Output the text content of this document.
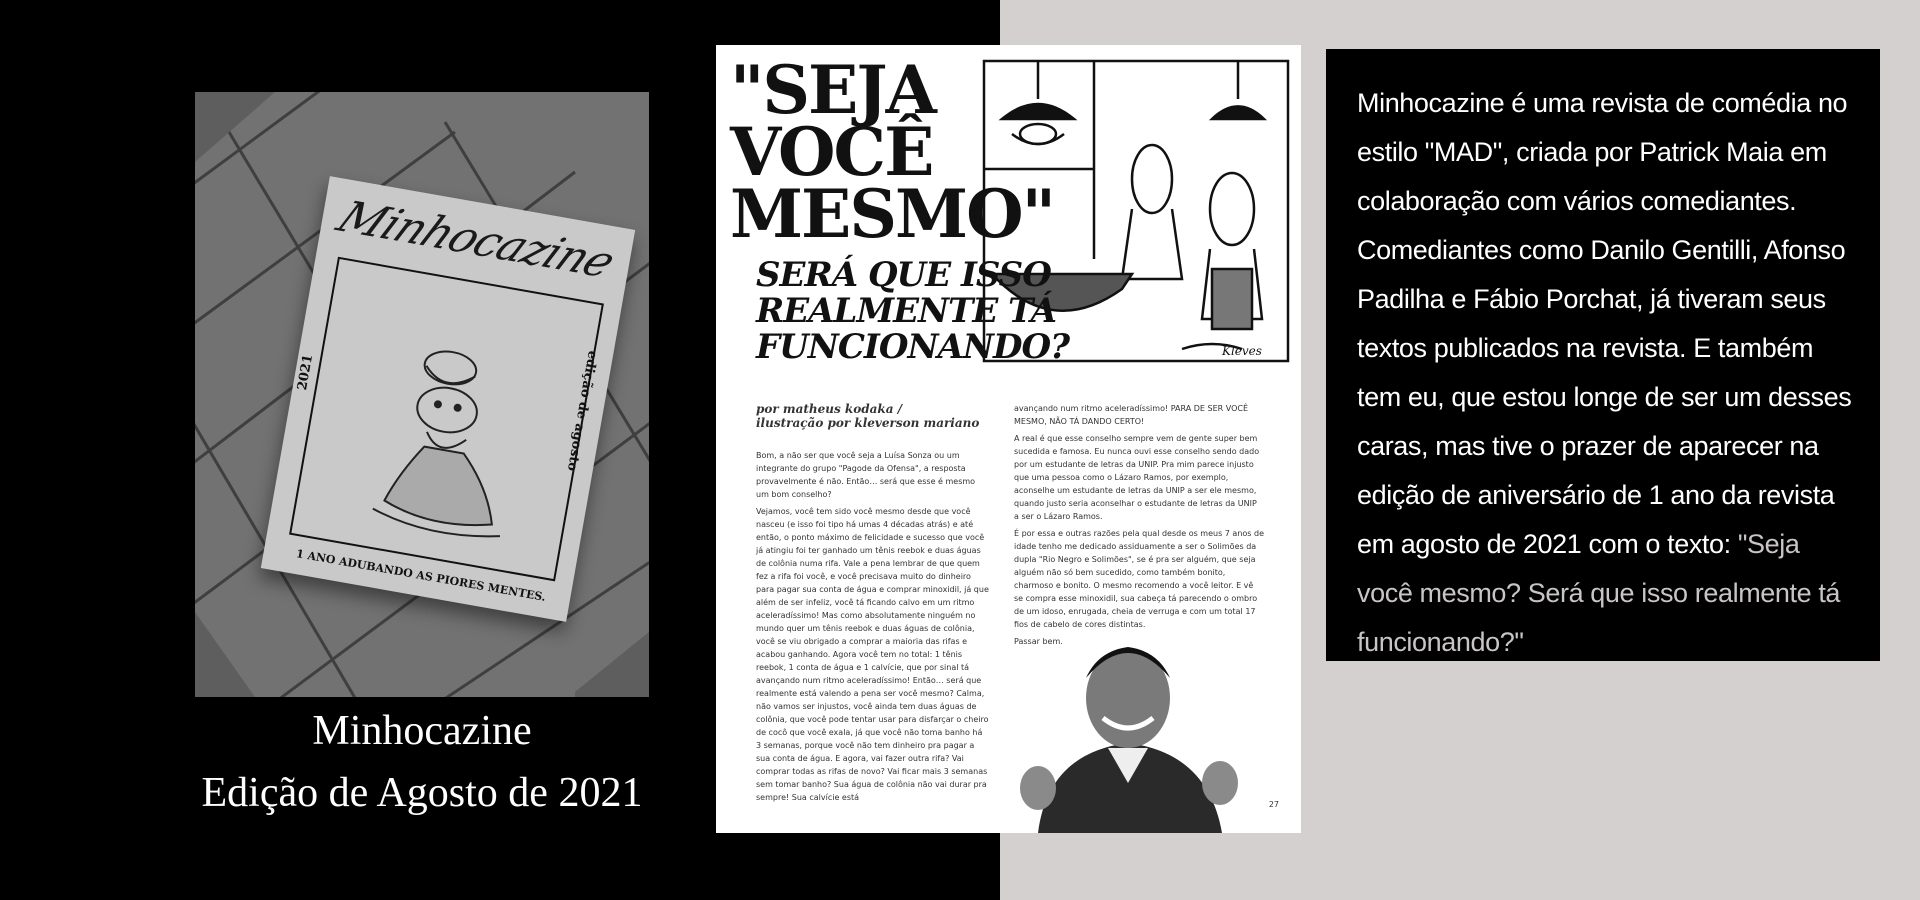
Minhocazine
2021	edição de agosto
1 ANO ADUBANDO AS PIORES MENTES.
Minhocazine
Edição de Agosto de 2021
"SEJA
VOCÊ
MESMO"
Kleves
SERÁ QUE ISSO
REALMENTE TÁ
FUNCIONANDO?
por matheus kodaka /
ilustração por kleverson mariano

Bom, a não ser que você seja a Luísa Sonza ou um integrante do grupo "Pagode da Ofensa", a resposta provavelmente é não. Então… será que esse é mesmo um bom conselho?

Vejamos, você tem sido você mesmo desde que você nasceu (e isso foi tipo há umas 4 décadas atrás) e até então, o ponto máximo de felicidade e sucesso que você já atingiu foi ter ganhado um tênis reebok e duas águas de colônia numa rifa. Vale a pena lembrar de que quem fez a rifa foi você, e você precisava muito do dinheiro para pagar sua conta de água e comprar minoxidil, já que além de ser infeliz, você tá ficando calvo em um ritmo aceleradíssimo! Mas como absolutamente ninguém no mundo quer um tênis reebok e duas águas de colônia, você se viu obrigado a comprar a maioria das rifas e acabou ganhando. Agora você tem no total: 1 tênis reebok, 1 conta de água e 1 calvície, que por sinal tá avançando num ritmo aceleradíssimo! Então… será que realmente está valendo a pena ser você mesmo? Calma, não vamos ser injustos, você ainda tem duas águas de colônia, que você pode tentar usar para disfarçar o cheiro de cocô que você exala, já que você não toma banho há 3 semanas, porque você não tem dinheiro pra pagar a sua conta de água. E agora, vai fazer outra rifa? Vai comprar todas as rifas de novo? Vai ficar mais 3 semanas sem tomar banho? Sua água de colônia não vai durar pra sempre! Sua calvície está

avançando num ritmo aceleradíssimo! PARA DE SER VOCÊ MESMO, NÃO TÁ DANDO CERTO!

A real é que esse conselho sempre vem de gente super bem sucedida e famosa. Eu nunca ouvi esse conselho sendo dado por um estudante de letras da UNIP. Pra mim parece injusto que uma pessoa como o Lázaro Ramos, por exemplo, aconselhe um estudante de letras da UNIP a ser ele mesmo, quando justo seria aconselhar o estudante de letras da UNIP a ser o Lázaro Ramos.

É por essa e outras razões pela qual desde os meus 7 anos de idade tenho me dedicado assiduamente a ser o Solimões da dupla "Rio Negro e Solimões", se é pra ser alguém, que seja alguém não só bem sucedido, como também bonito, charmoso e bonito. O mesmo recomendo a você leitor. E vê se compra esse minoxidil, sua cabeça tá parecendo o ombro de um idoso, enrugada, cheia de verruga e com um total 17 fios de cabelo de cores distintas.

Passar bem.

27
Minhocazine é uma revista de comédia no estilo "MAD", criada por Patrick Maia em colaboração com vários comediantes. Comediantes como Danilo Gentilli, Afonso Padilha e Fábio Porchat, já tiveram seus textos publicados na revista. E também tem eu, que estou longe de ser um desses caras, mas tive o prazer de aparecer na edição de aniversário de 1 ano da revista em agosto de 2021 com o texto: "Seja você mesmo? Será que isso realmente tá funcionando?"
